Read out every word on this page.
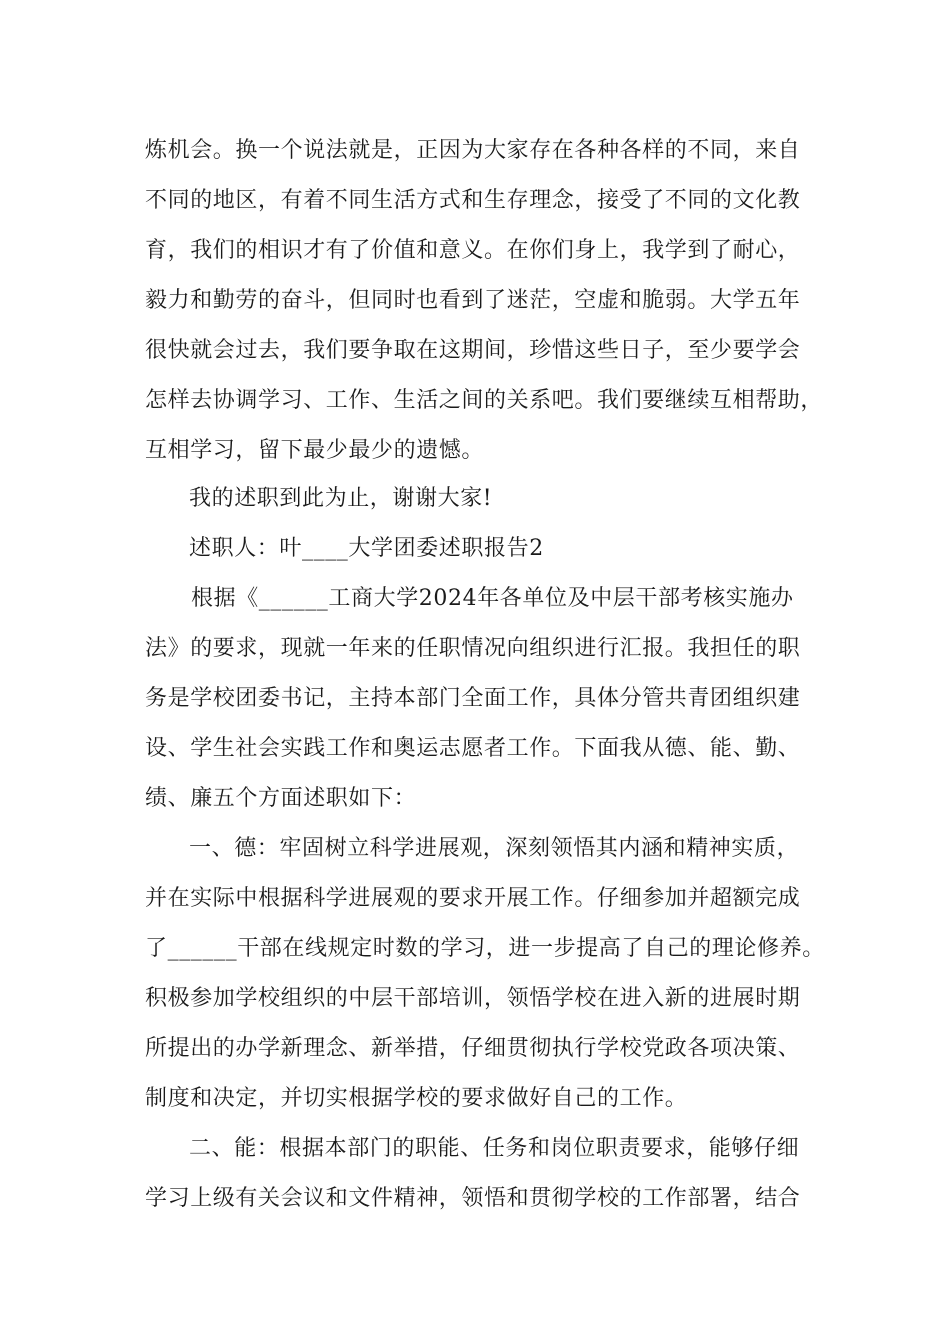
炼机会。换一个说法就是，正因为大家存在各种各样的不同，来自

不同的地区，有着不同生活方式和生存理念，接受了不同的文化教

育，我们的相识才有了价值和意义。在你们身上，我学到了耐心，

毅力和勤劳的奋斗，但同时也看到了迷茫，空虚和脆弱。大学五年

很快就会过去，我们要争取在这期间，珍惜这些日子，至少要学会

怎样去协调学习、工作、生活之间的关系吧。我们要继续互相帮助，

互相学习，留下最少最少的遗憾。

我的述职到此为止，谢谢大家!

述职人：叶____大学团委述职报告2

根据《______工商大学2024年各单位及中层干部考核实施办

法》的要求，现就一年来的任职情况向组织进行汇报。我担任的职

务是学校团委书记，主持本部门全面工作，具体分管共青团组织建

设、学生社会实践工作和奥运志愿者工作。下面我从德、能、勤、

绩、廉五个方面述职如下：

一、德：牢固树立科学进展观，深刻领悟其内涵和精神实质，

并在实际中根据科学进展观的要求开展工作。仔细参加并超额完成

了______干部在线规定时数的学习，进一步提高了自己的理论修养。

积极参加学校组织的中层干部培训，领悟学校在进入新的进展时期

所提出的办学新理念、新举措，仔细贯彻执行学校党政各项决策、

制度和决定，并切实根据学校的要求做好自己的工作。

二、能：根据本部门的职能、任务和岗位职责要求，能够仔细

学习上级有关会议和文件精神，领悟和贯彻学校的工作部署，结合
